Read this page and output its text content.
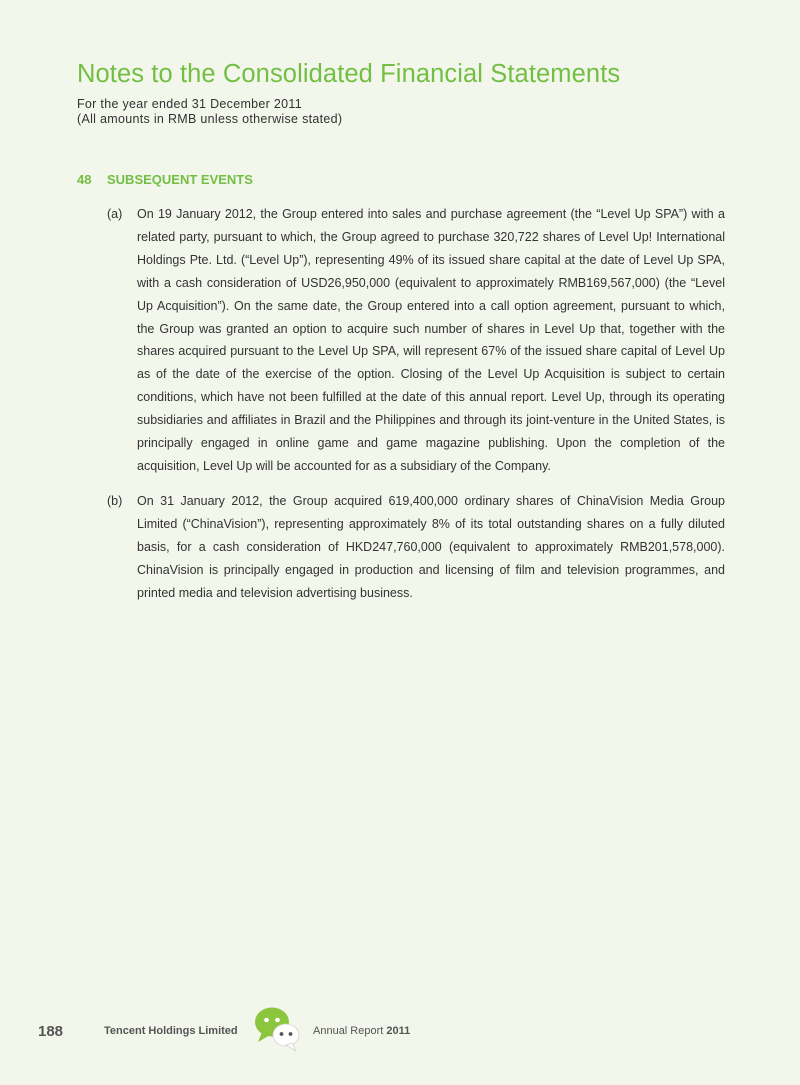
Notes to the Consolidated Financial Statements
For the year ended 31 December 2011
(All amounts in RMB unless otherwise stated)
48 SUBSEQUENT EVENTS
(a) On 19 January 2012, the Group entered into sales and purchase agreement (the “Level Up SPA”) with a related party, pursuant to which, the Group agreed to purchase 320,722 shares of Level Up! International Holdings Pte. Ltd. (“Level Up”), representing 49% of its issued share capital at the date of Level Up SPA, with a cash consideration of USD26,950,000 (equivalent to approximately RMB169,567,000) (the “Level Up Acquisition”). On the same date, the Group entered into a call option agreement, pursuant to which, the Group was granted an option to acquire such number of shares in Level Up that, together with the shares acquired pursuant to the Level Up SPA, will represent 67% of the issued share capital of Level Up as of the date of the exercise of the option. Closing of the Level Up Acquisition is subject to certain conditions, which have not been fulfilled at the date of this annual report. Level Up, through its operating subsidiaries and affiliates in Brazil and the Philippines and through its joint-venture in the United States, is principally engaged in online game and game magazine publishing. Upon the completion of the acquisition, Level Up will be accounted for as a subsidiary of the Company.
(b) On 31 January 2012, the Group acquired 619,400,000 ordinary shares of ChinaVision Media Group Limited (“ChinaVision”), representing approximately 8% of its total outstanding shares on a fully diluted basis, for a cash consideration of HKD247,760,000 (equivalent to approximately RMB201,578,000). ChinaVision is principally engaged in production and licensing of film and television programmes, and printed media and television advertising business.
188	Tencent Holdings Limited	Annual Report 2011
